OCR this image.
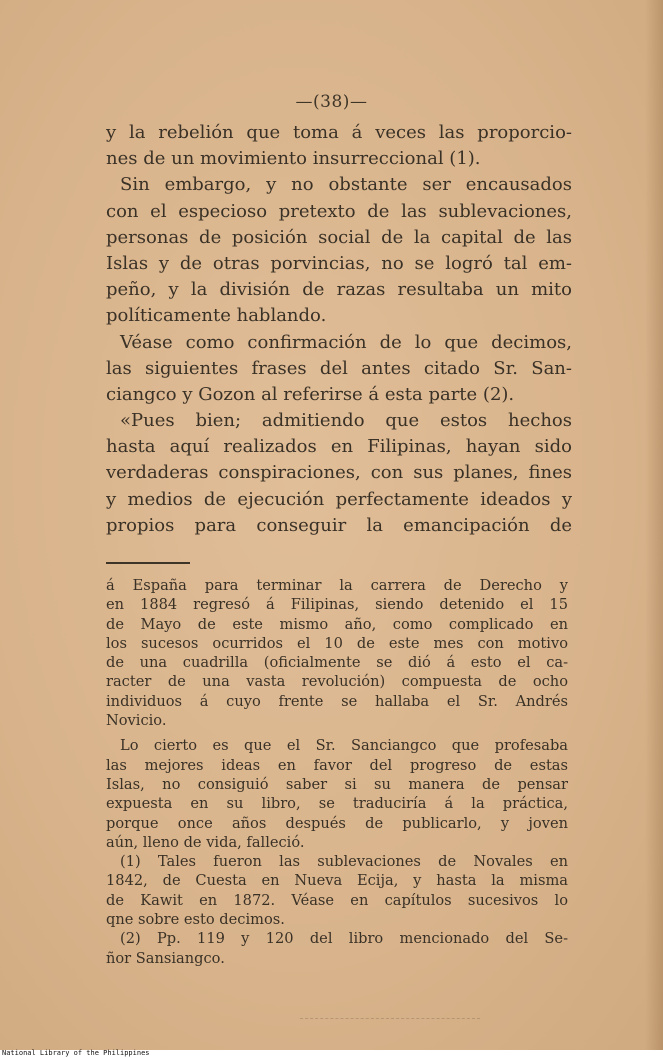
—(38)—
y la rebelión que toma á veces las proporcio-
nes de un movimiento insurreccional (1).
Sin embargo, y no obstante ser encausados
con el especioso pretexto de las sublevaciones,
personas de posición social de la capital de las
Islas y de otras porvincias, no se logró tal em-
peño, y la división de razas resultaba un mito
políticamente hablando.
Véase como confirmación de lo que decimos,
las siguientes frases del antes citado Sr. San-
ciangco y Gozon al referirse á esta parte (2).
«Pues bien; admitiendo que estos hechos
hasta aquí realizados en Filipinas, hayan sido
verdaderas conspiraciones, con sus planes, fines
y medios de ejecución perfectamente ideados y
propios para conseguir la emancipación de
á España para terminar la carrera de Derecho y
en 1884 regresó á Filipinas, siendo detenido el 15
de Mayo de este mismo año, como complicado en
los sucesos ocurridos el 10 de este mes con motivo
de una cuadrilla (oficialmente se dió á esto el ca-
racter de una vasta revolución) compuesta de ocho
individuos á cuyo frente se hallaba el Sr. Andrés
Novicio.
Lo cierto es que el Sr. Sanciangco que profesaba
las mejores ideas en favor del progreso de estas
Islas, no consiguió saber si su manera de pensar
expuesta en su libro, se traduciría á la práctica,
porque once años después de publicarlo, y joven
aún, lleno de vida, falleció.
(1) Tales fueron las sublevaciones de Novales en
1842, de Cuesta en Nueva Ecija, y hasta la misma
de Kawit en 1872. Véase en capítulos sucesivos lo
qne sobre esto decimos.
(2) Pp. 119 y 120 del libro mencionado del Se-
ñor Sansiangco.
National Library of the Philippines
